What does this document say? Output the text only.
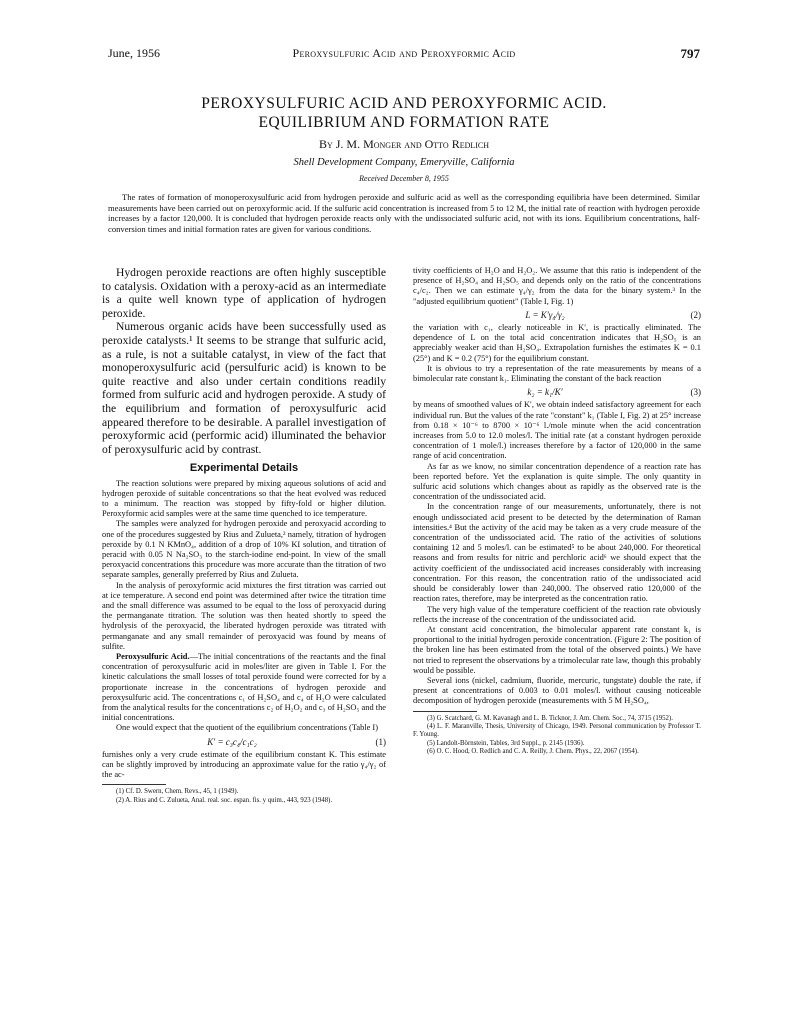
June, 1956	Peroxysulfuric Acid and Peroxyformic Acid	797
PEROXYSULFURIC ACID AND PEROXYFORMIC ACID.
EQUILIBRIUM AND FORMATION RATE
By J. M. Monger and Otto Redlich
Shell Development Company, Emeryville, California
Received December 8, 1955

The rates of formation of monoperoxysulfuric acid from hydrogen peroxide and sulfuric acid as well as the corresponding equilibria have been determined. Similar measurements have been carried out on peroxyformic acid. If the sulfuric acid concentration is increased from 5 to 12 M, the initial rate of reaction with hydrogen peroxide increases by a factor 120,000. It is concluded that hydrogen peroxide reacts only with the undissociated sulfuric acid, not with its ions. Equilibrium concentrations, half-conversion times and initial formation rates are given for various conditions.

Hydrogen peroxide reactions are often highly susceptible to catalysis. Oxidation with a peroxy-acid as an intermediate is a quite well known type of application of hydrogen peroxide.

Numerous organic acids have been successfully used as peroxide catalysts.¹ It seems to be strange that sulfuric acid, as a rule, is not a suitable catalyst, in view of the fact that monoperoxysulfuric acid (persulfuric acid) is known to be quite reactive and also under certain conditions readily formed from sulfuric acid and hydrogen peroxide. A study of the equilibrium and formation of peroxysulfuric acid appeared therefore to be desirable. A parallel investigation of peroxyformic acid (performic acid) illuminated the behavior of peroxysulfuric acid by contrast.

Experimental Details

The reaction solutions were prepared by mixing aqueous solutions of acid and hydrogen peroxide of suitable concentrations so that the heat evolved was reduced to a minimum. The reaction was stopped by fifty-fold or higher dilution. Peroxyformic acid samples were at the same time quenched to ice temperature.

The samples were analyzed for hydrogen peroxide and peroxyacid according to one of the procedures suggested by Rius and Zulueta,² namely, titration of hydrogen peroxide by 0.1 N KMnO₄, addition of a drop of 10% KI solution, and titration of peracid with 0.05 N Na₂SO₃ to the starch-iodine end-point. In view of the small peroxyacid concentrations this procedure was more accurate than the titration of two separate samples, generally preferred by Rius and Zulueta.

In the analysis of peroxyformic acid mixtures the first titration was carried out at ice temperature. A second end point was determined after twice the titration time and the small difference was assumed to be equal to the loss of peroxyacid during the permanganate titration. The solution was then heated shortly to speed the hydrolysis of the peroxyacid, the liberated hydrogen peroxide was titrated with permanganate and any small remainder of peroxyacid was found by means of sulfite.

Peroxysulfuric Acid.—The initial concentrations of the reactants and the final concentration of peroxysulfuric acid in moles/liter are given in Table I. For the kinetic calculations the small losses of total peroxide found were corrected for by a proportionate increase in the concentrations of hydrogen peroxide and peroxysulfuric acid. The concentrations c₁ of H₂SO₄ and c₄ of H₂O were calculated from the analytical results for the concentrations c₂ of H₂O₂ and c₃ of H₂SO₅ and the initial concentrations.

One would expect that the quotient of the equilibrium concentrations (Table I)

K′ = c₃c₄/c₁c₂	(1)

furnishes only a very crude estimate of the equilibrium constant K. This estimate can be slightly improved by introducing an approximate value for the ratio γ₄/γ₂ of the ac-

(1) Cf. D. Swern, Chem. Revs., 45, 1 (1949).

(2) A. Rius and C. Zulueta, Anal. real. soc. espan. fis. y quim., 443, 923 (1948).

tivity coefficients of H₂O and H₂O₂. We assume that this ratio is independent of the presence of H₂SO₄ and H₂SO₅ and depends only on the ratio of the concentrations c₄/c₂. Then we can estimate γ₄/γ₂ from the data for the binary system.³ In the "adjusted equilibrium quotient" (Table I, Fig. 1)

L = K′γ₄/γ₂	(2)

the variation with c₁, clearly noticeable in K′, is practically eliminated. The dependence of L on the total acid concentration indicates that H₂SO₅ is an appreciably weaker acid than H₂SO₄. Extrapolation furnishes the estimates K = 0.1 (25°) and K = 0.2 (75°) for the equilibrium constant.

It is obvious to try a representation of the rate measurements by means of a bimolecular rate constant k₁. Eliminating the constant of the back reaction

k₂ = k₁/K′	(3)

by means of smoothed values of K′, we obtain indeed satisfactory agreement for each individual run. But the values of the rate "constant" k₁ (Table I, Fig. 2) at 25° increase from 0.18 × 10⁻⁶ to 8700 × 10⁻⁶ l./mole minute when the acid concentration increases from 5.0 to 12.0 moles/l. The initial rate (at a constant hydrogen peroxide concentration of 1 mole/l.) increases therefore by a factor of 120,000 in the same range of acid concentration.

As far as we know, no similar concentration dependence of a reaction rate has been reported before. Yet the explanation is quite simple. The only quantity in sulfuric acid solutions which changes about as rapidly as the observed rate is the concentration of the undissociated acid.

In the concentration range of our measurements, unfortunately, there is not enough undissociated acid present to be detected by the determination of Raman intensities.⁴ But the activity of the acid may be taken as a very crude measure of the concentration of the undissociated acid. The ratio of the activities of solutions containing 12 and 5 moles/l. can be estimated⁵ to be about 240,000. For theoretical reasons and from results for nitric and perchloric acid⁶ we should expect that the activity coefficient of the undissociated acid increases considerably with increasing concentration. For this reason, the concentration ratio of the undissociated acid should be considerably lower than 240,000. The observed ratio 120,000 of the reaction rates, therefore, may be interpreted as the concentration ratio.

The very high value of the temperature coefficient of the reaction rate obviously reflects the increase of the concentration of the undissociated acid.

At constant acid concentration, the bimolecular apparent rate constant k₁ is proportional to the initial hydrogen peroxide concentration. (Figure 2: The position of the broken line has been estimated from the total of the observed points.) We have not tried to represent the observations by a trimolecular rate law, though this probably would be possible.

Several ions (nickel, cadmium, fluoride, mercuric, tungstate) double the rate, if present at concentrations of 0.003 to 0.01 moles/l. without causing noticeable decomposition of hydrogen peroxide (measurements with 5 M H₂SO₄,

(3) G. Scatchard, G. M. Kavanagh and L. B. Ticknor, J. Am. Chem. Soc., 74, 3715 (1952).

(4) L. F. Maranville, Thesis, University of Chicago, 1949. Personal communication by Professor T. F. Young.

(5) Landolt-Börnstein, Tables, 3rd Suppl., p. 2145 (1936).

(6) O. C. Hood, O. Redlich and C. A. Reilly, J. Chem. Phys., 22, 2067 (1954).
